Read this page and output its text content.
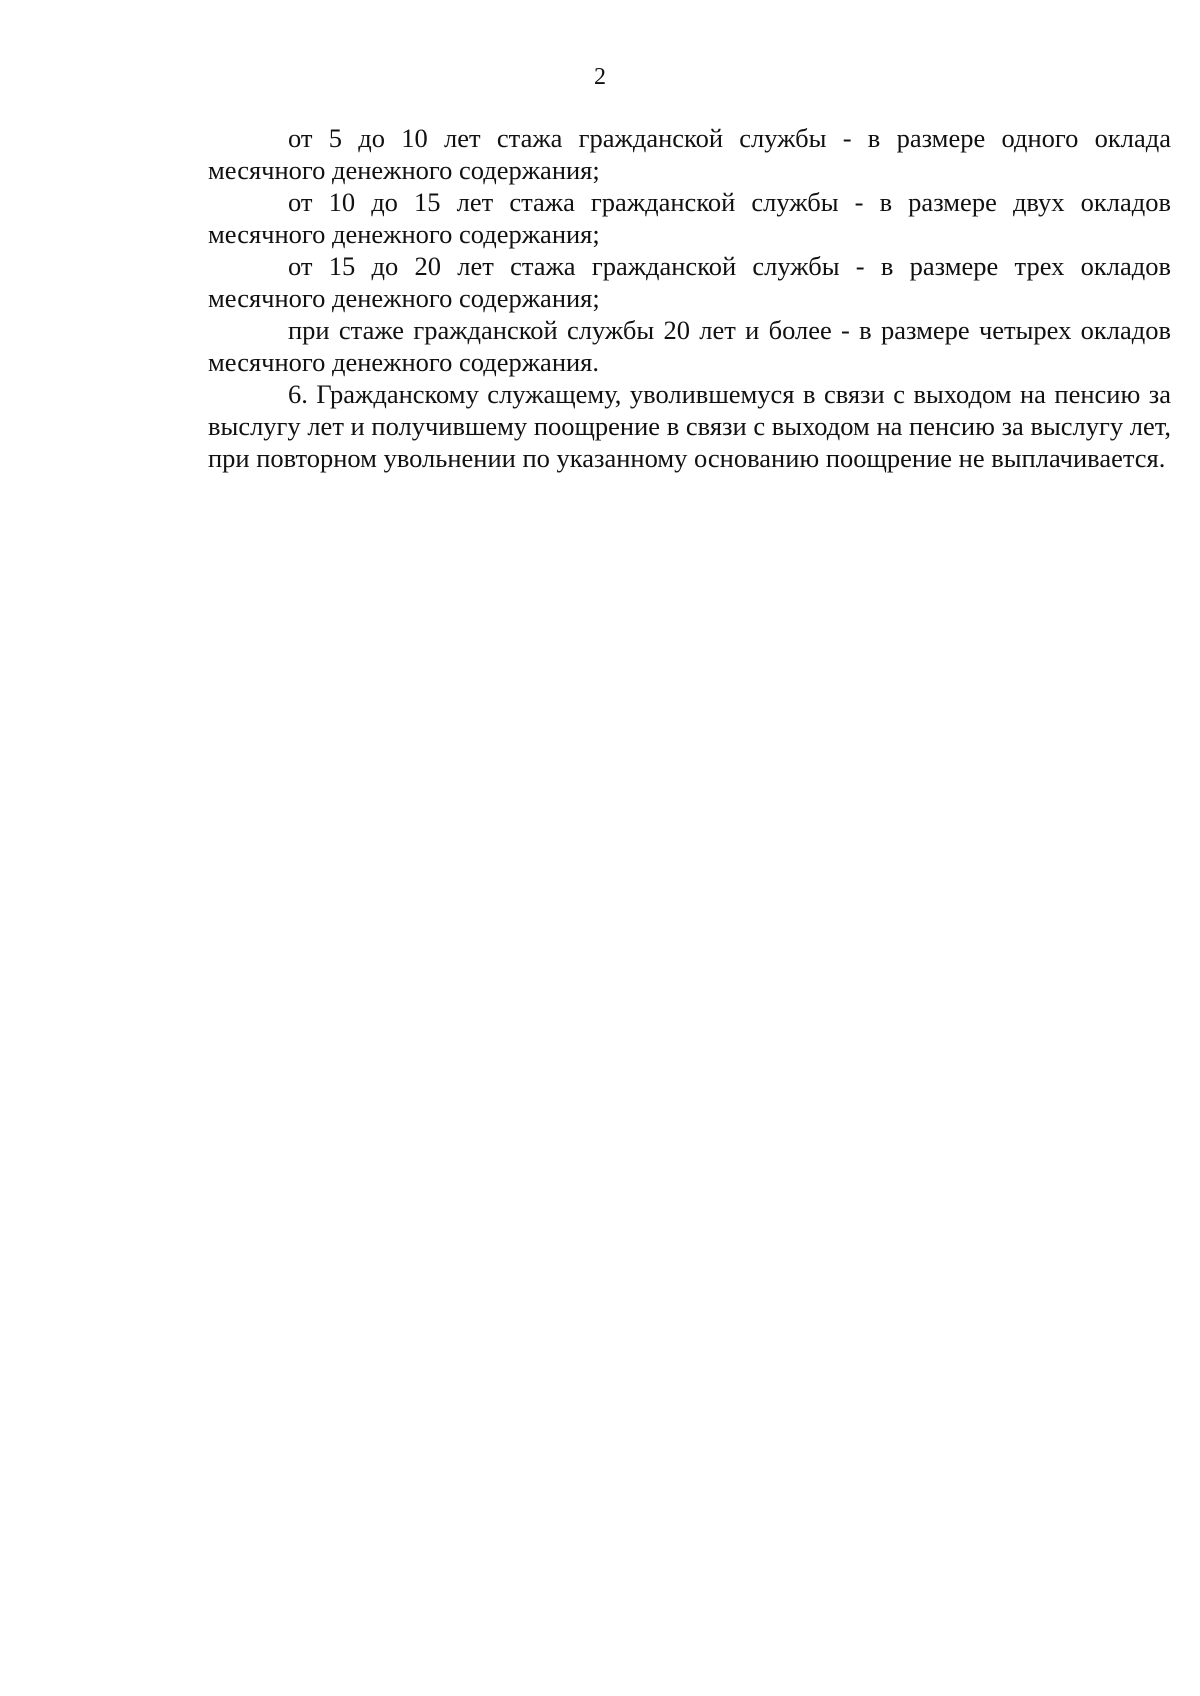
2

от 5 до 10 лет стажа гражданской службы - в размере одного оклада месячного денежного содержания;

от 10 до 15 лет стажа гражданской службы - в размере двух окладов месячного денежного содержания;

от 15 до 20 лет стажа гражданской службы - в размере трех окладов месячного денежного содержания;

при стаже гражданской службы 20 лет и более - в размере четырех окладов месячного денежного содержания.

6. Гражданскому служащему, уволившемуся в связи с выходом на пенсию за выслугу лет и получившему поощрение в связи с выходом на пенсию за выслугу лет, при повторном увольнении по указанному основанию поощрение не выплачивается.
